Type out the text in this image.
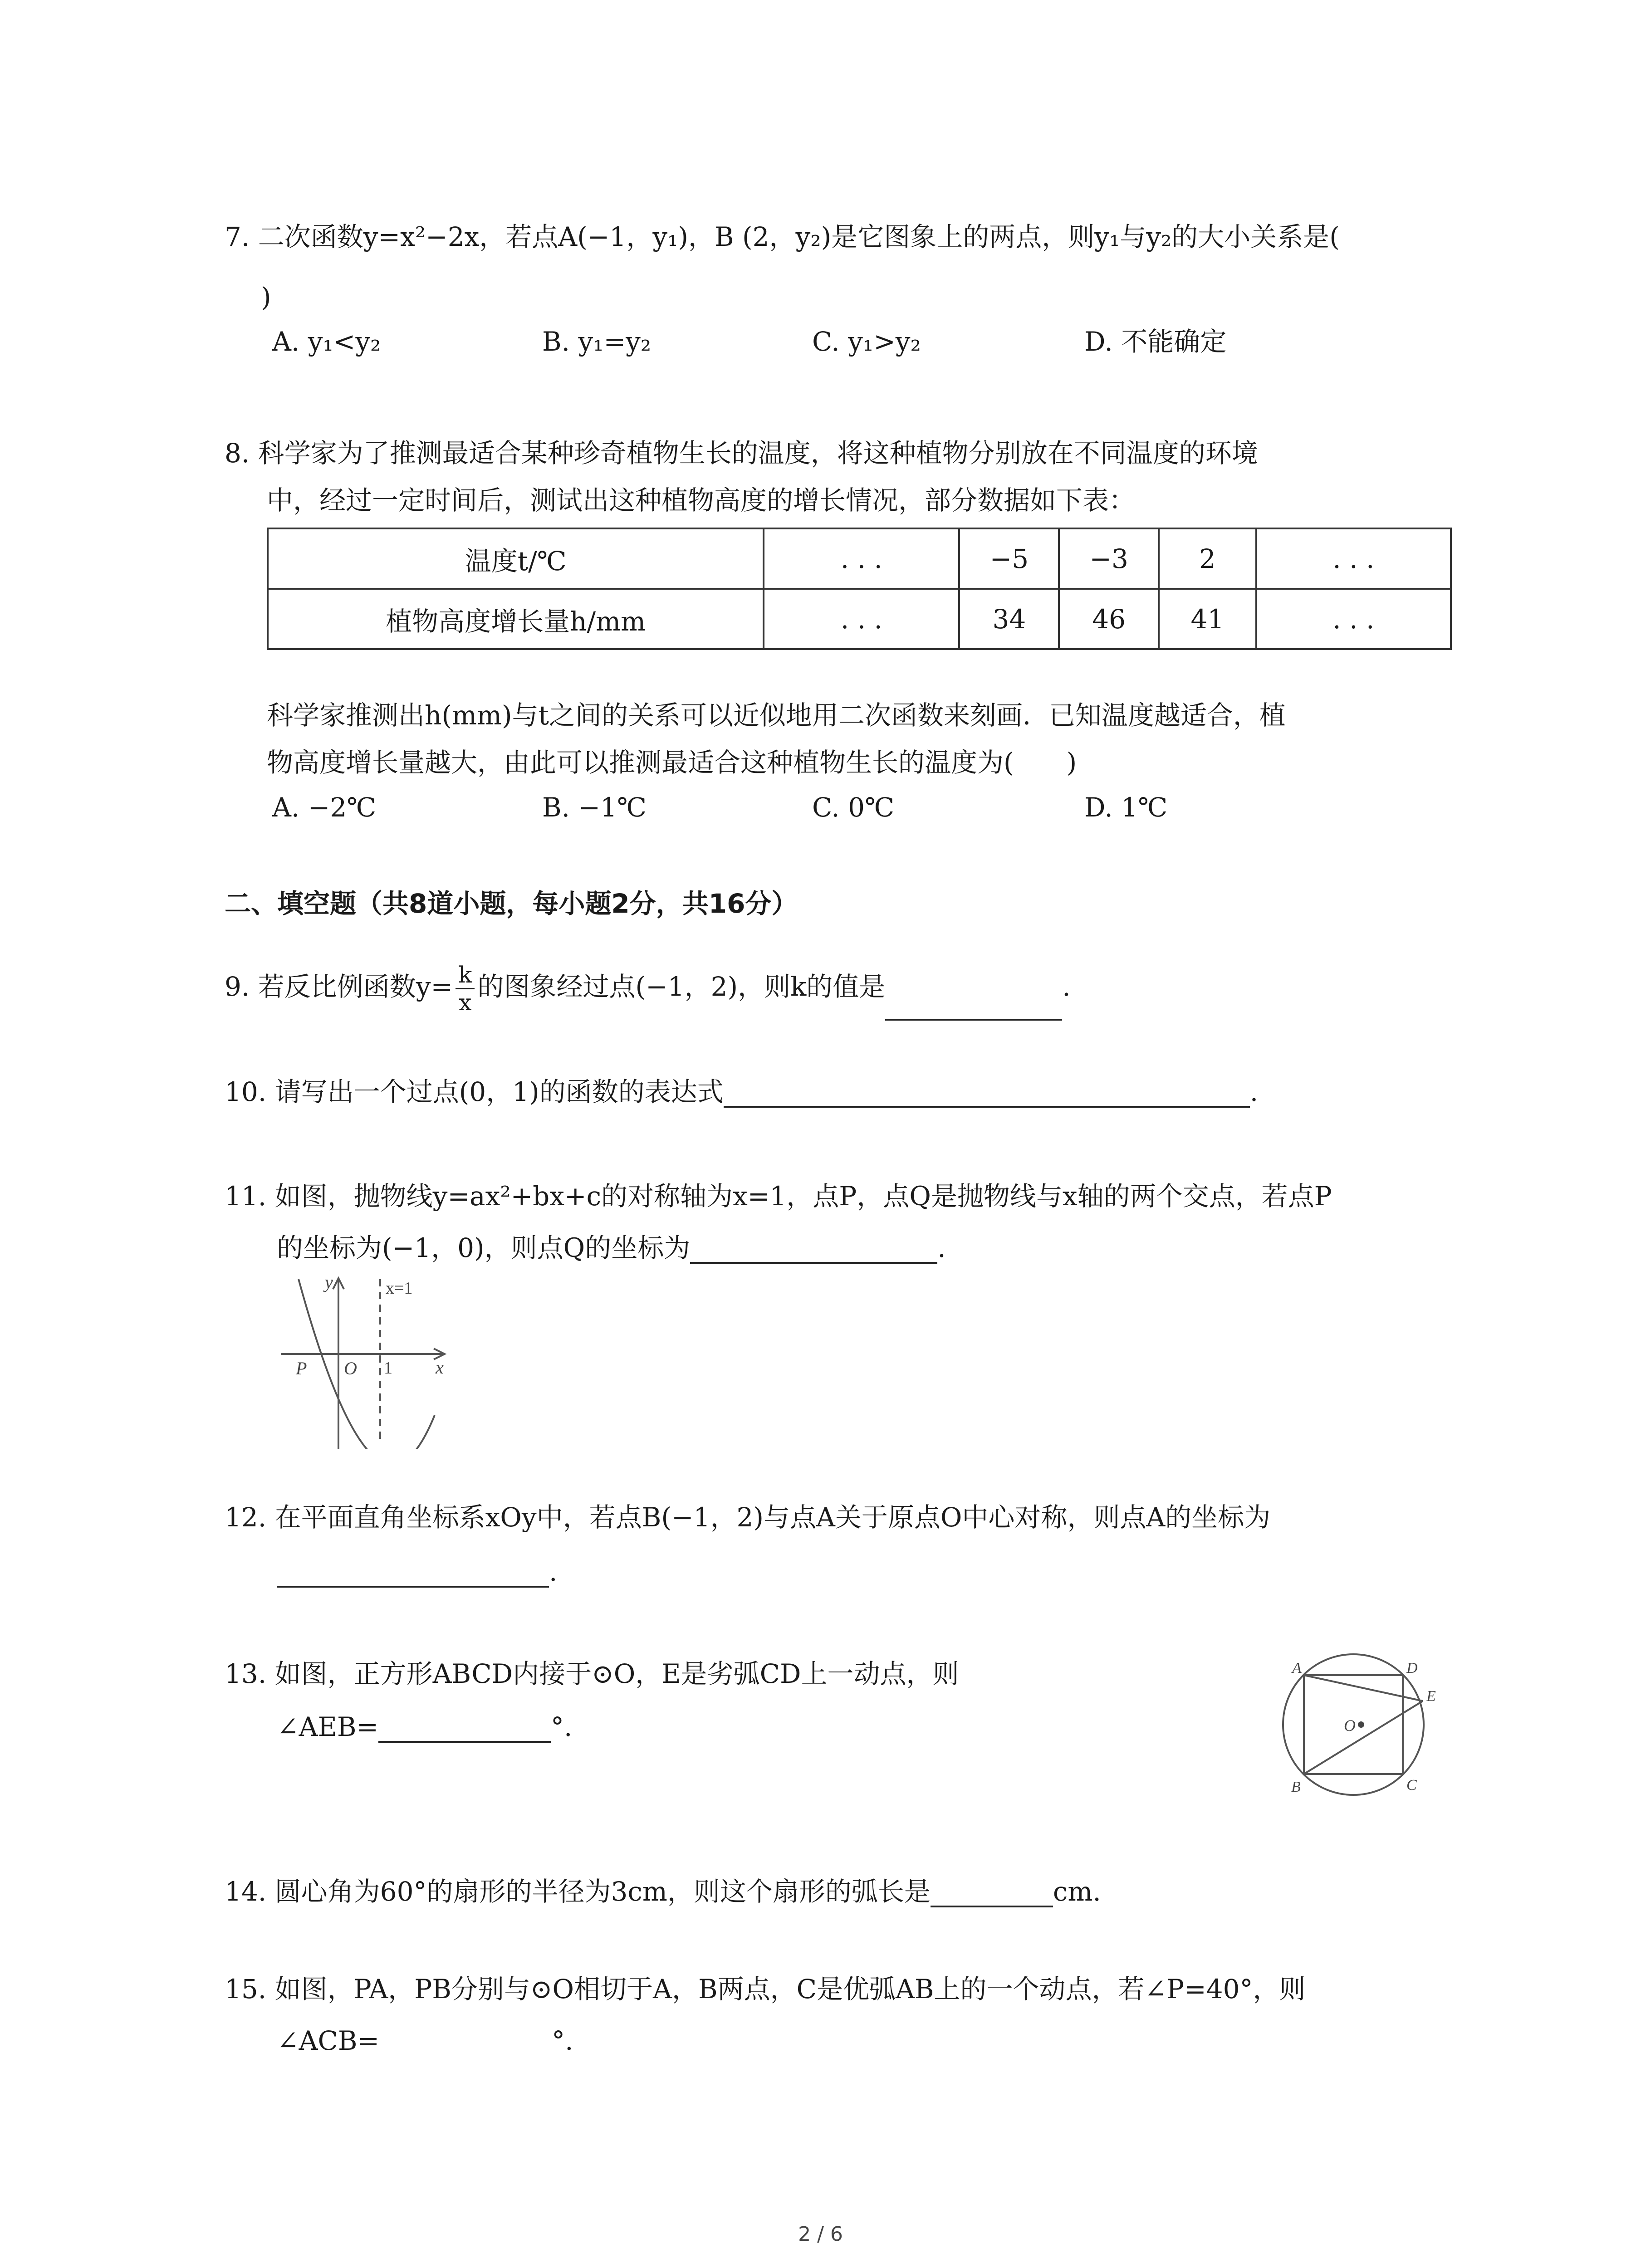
7. 二次函数y=x²−2x，若点A(−1，y₁)，B (2，y₂)是它图象上的两点，则y₁与y₂的大小关系是(
)
A. y₁<y₂	B. y₁=y₂	C. y₁>y₂	D. 不能确定
8. 科学家为了推测最适合某种珍奇植物生长的温度，将这种植物分别放在不同温度的环境
中，经过一定时间后，测试出这种植物高度的增长情况，部分数据如下表：
温度t/℃	. . .	−5	−3	2	. . .
植物高度增长量h/mm	. . .	34	46	41	. . .
科学家推测出h(mm)与t之间的关系可以近似地用二次函数来刻画．已知温度越适合，植
物高度增长量越大，由此可以推测最适合这种植物生长的温度为(　　)
A. −2℃	B. −1℃	C. 0℃	D. 1℃
二、填空题（共8道小题，每小题2分，共16分）
9. 若反比例函数$y= \frac{k}{x}$ 的图象经过点(−1，2)，则k的值是	.
10. 请写出一个过点(0，1)的函数的表达式	.
11. 如图，抛物线y=ax²+bx+c的对称轴为x=1，点P，点Q是抛物线与x轴的两个交点，若点P
的坐标为(−1，0)，则点Q的坐标为	.
y	x=1
P O 1 x
12. 在平面直角坐标系xOy中，若点B(−1，2)与点A关于原点O中心对称，则点A的坐标为
.
13. 如图，正方形ABCD内接于⊙O，E是劣弧CD上一动点，则
∠AEB=	°.
A	D
E
O
B	C
14. 圆心角为60°的扇形的半径为3cm，则这个扇形的弧长是	cm.
15. 如图，PA，PB分别与⊙O相切于A，B两点，C是优弧AB上的一个动点，若∠P=40°，则
∠ACB=	°.
2 / 6
